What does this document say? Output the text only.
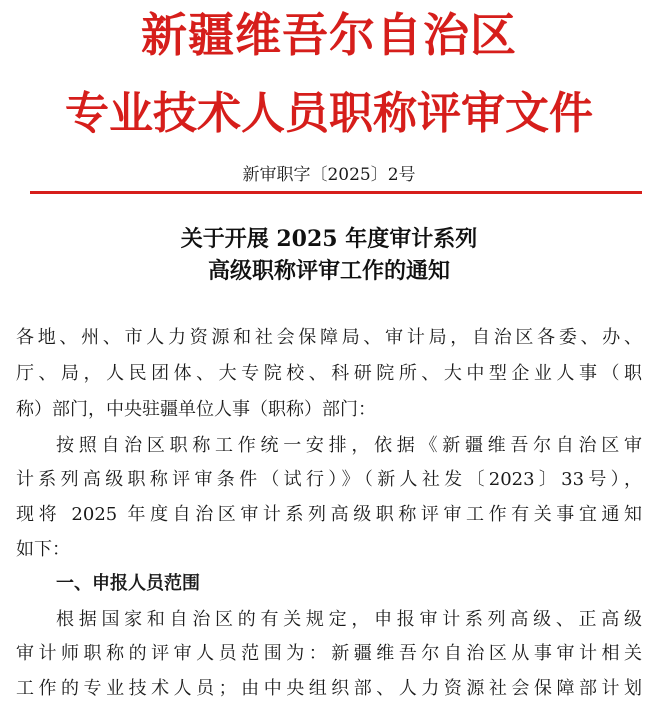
新疆维吾尔自治区
专业技术人员职称评审文件
新审职字〔2025〕2号
关于开展 2025 年度审计系列
高级职称评审工作的通知
各地、州、市人力资源和社会保障局、审计局，自治区各委、办、
厅、局，人民团体、大专院校、科研院所、大中型企业人事（职
称）部门，中央驻疆单位人事（职称）部门：
按照自治区职称工作统一安排，依据《新疆维吾尔自治区审
计系列高级职称评审条件（试行）》（新人社发〔2023〕33号），
现将 2025 年度自治区审计系列高级职称评审工作有关事宜通知
如下：
一、申报人员范围
根据国家和自治区的有关规定，申报审计系列高级、正高级
审计师职称的评审人员范围为：新疆维吾尔自治区从事审计相关
工作的专业技术人员；由中央组织部、人力资源社会保障部计划
